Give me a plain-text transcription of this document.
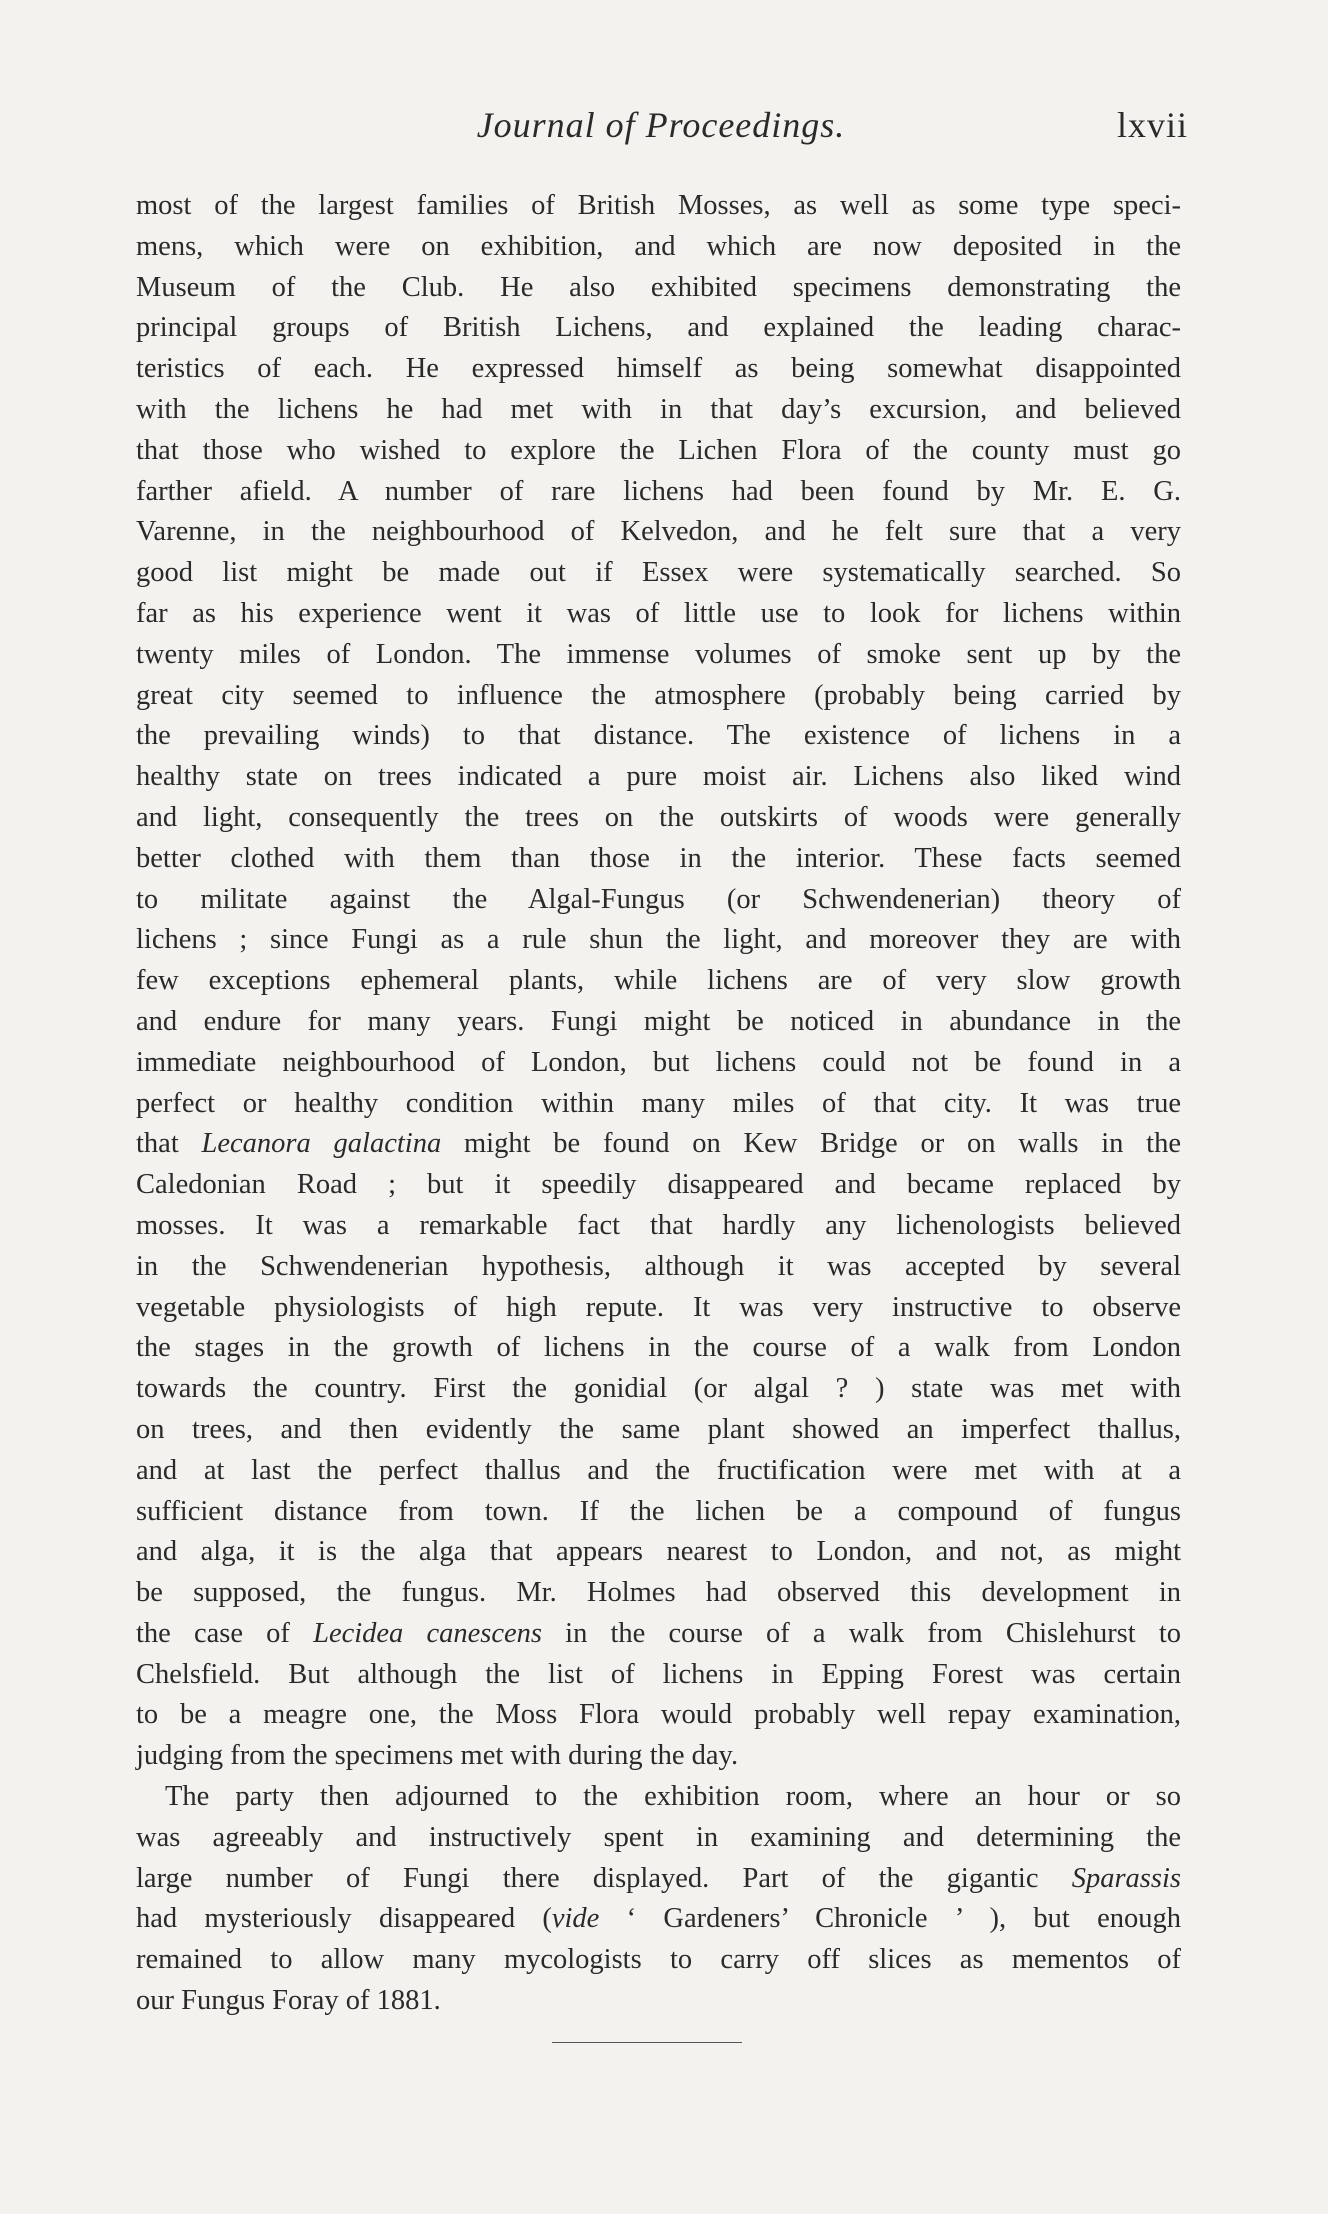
Journal of Proceedings.	lxvii
most of the largest families of British Mosses, as well as some type speci-
mens, which were on exhibition, and which are now deposited in the
Museum of the Club. He also exhibited specimens demonstrating the
principal groups of British Lichens, and explained the leading charac-
teristics of each. He expressed himself as being somewhat disappointed
with the lichens he had met with in that day’s excursion, and believed
that those who wished to explore the Lichen Flora of the county must go
farther afield. A number of rare lichens had been found by Mr. E. G.
Varenne, in the neighbourhood of Kelvedon, and he felt sure that a very
good list might be made out if Essex were systematically searched. So
far as his experience went it was of little use to look for lichens within
twenty miles of London. The immense volumes of smoke sent up by the
great city seemed to influence the atmosphere (probably being carried by
the prevailing winds) to that distance. The existence of lichens in a
healthy state on trees indicated a pure moist air. Lichens also liked wind
and light, consequently the trees on the outskirts of woods were generally
better clothed with them than those in the interior. These facts seemed
to militate against the Algal-Fungus (or Schwendenerian) theory of
lichens ; since Fungi as a rule shun the light, and moreover they are with
few exceptions ephemeral plants, while lichens are of very slow growth
and endure for many years. Fungi might be noticed in abundance in the
immediate neighbourhood of London, but lichens could not be found in a
perfect or healthy condition within many miles of that city. It was true
that Lecanora galactina might be found on Kew Bridge or on walls in the
Caledonian Road ; but it speedily disappeared and became replaced by
mosses. It was a remarkable fact that hardly any lichenologists believed
in the Schwendenerian hypothesis, although it was accepted by several
vegetable physiologists of high repute. It was very instructive to observe
the stages in the growth of lichens in the course of a walk from London
towards the country. First the gonidial (or algal ? ) state was met with
on trees, and then evidently the same plant showed an imperfect thallus,
and at last the perfect thallus and the fructification were met with at a
sufficient distance from town. If the lichen be a compound of fungus
and alga, it is the alga that appears nearest to London, and not, as might
be supposed, the fungus. Mr. Holmes had observed this development in
the case of Lecidea canescens in the course of a walk from Chislehurst to
Chelsfield. But although the list of lichens in Epping Forest was certain
to be a meagre one, the Moss Flora would probably well repay examination,
judging from the specimens met with during the day.
The party then adjourned to the exhibition room, where an hour or so
was agreeably and instructively spent in examining and determining the
large number of Fungi there displayed. Part of the gigantic Sparassis
had mysteriously disappeared (vide ‘ Gardeners’ Chronicle ’ ), but enough
remained to allow many mycologists to carry off slices as mementos of
our Fungus Foray of 1881.
